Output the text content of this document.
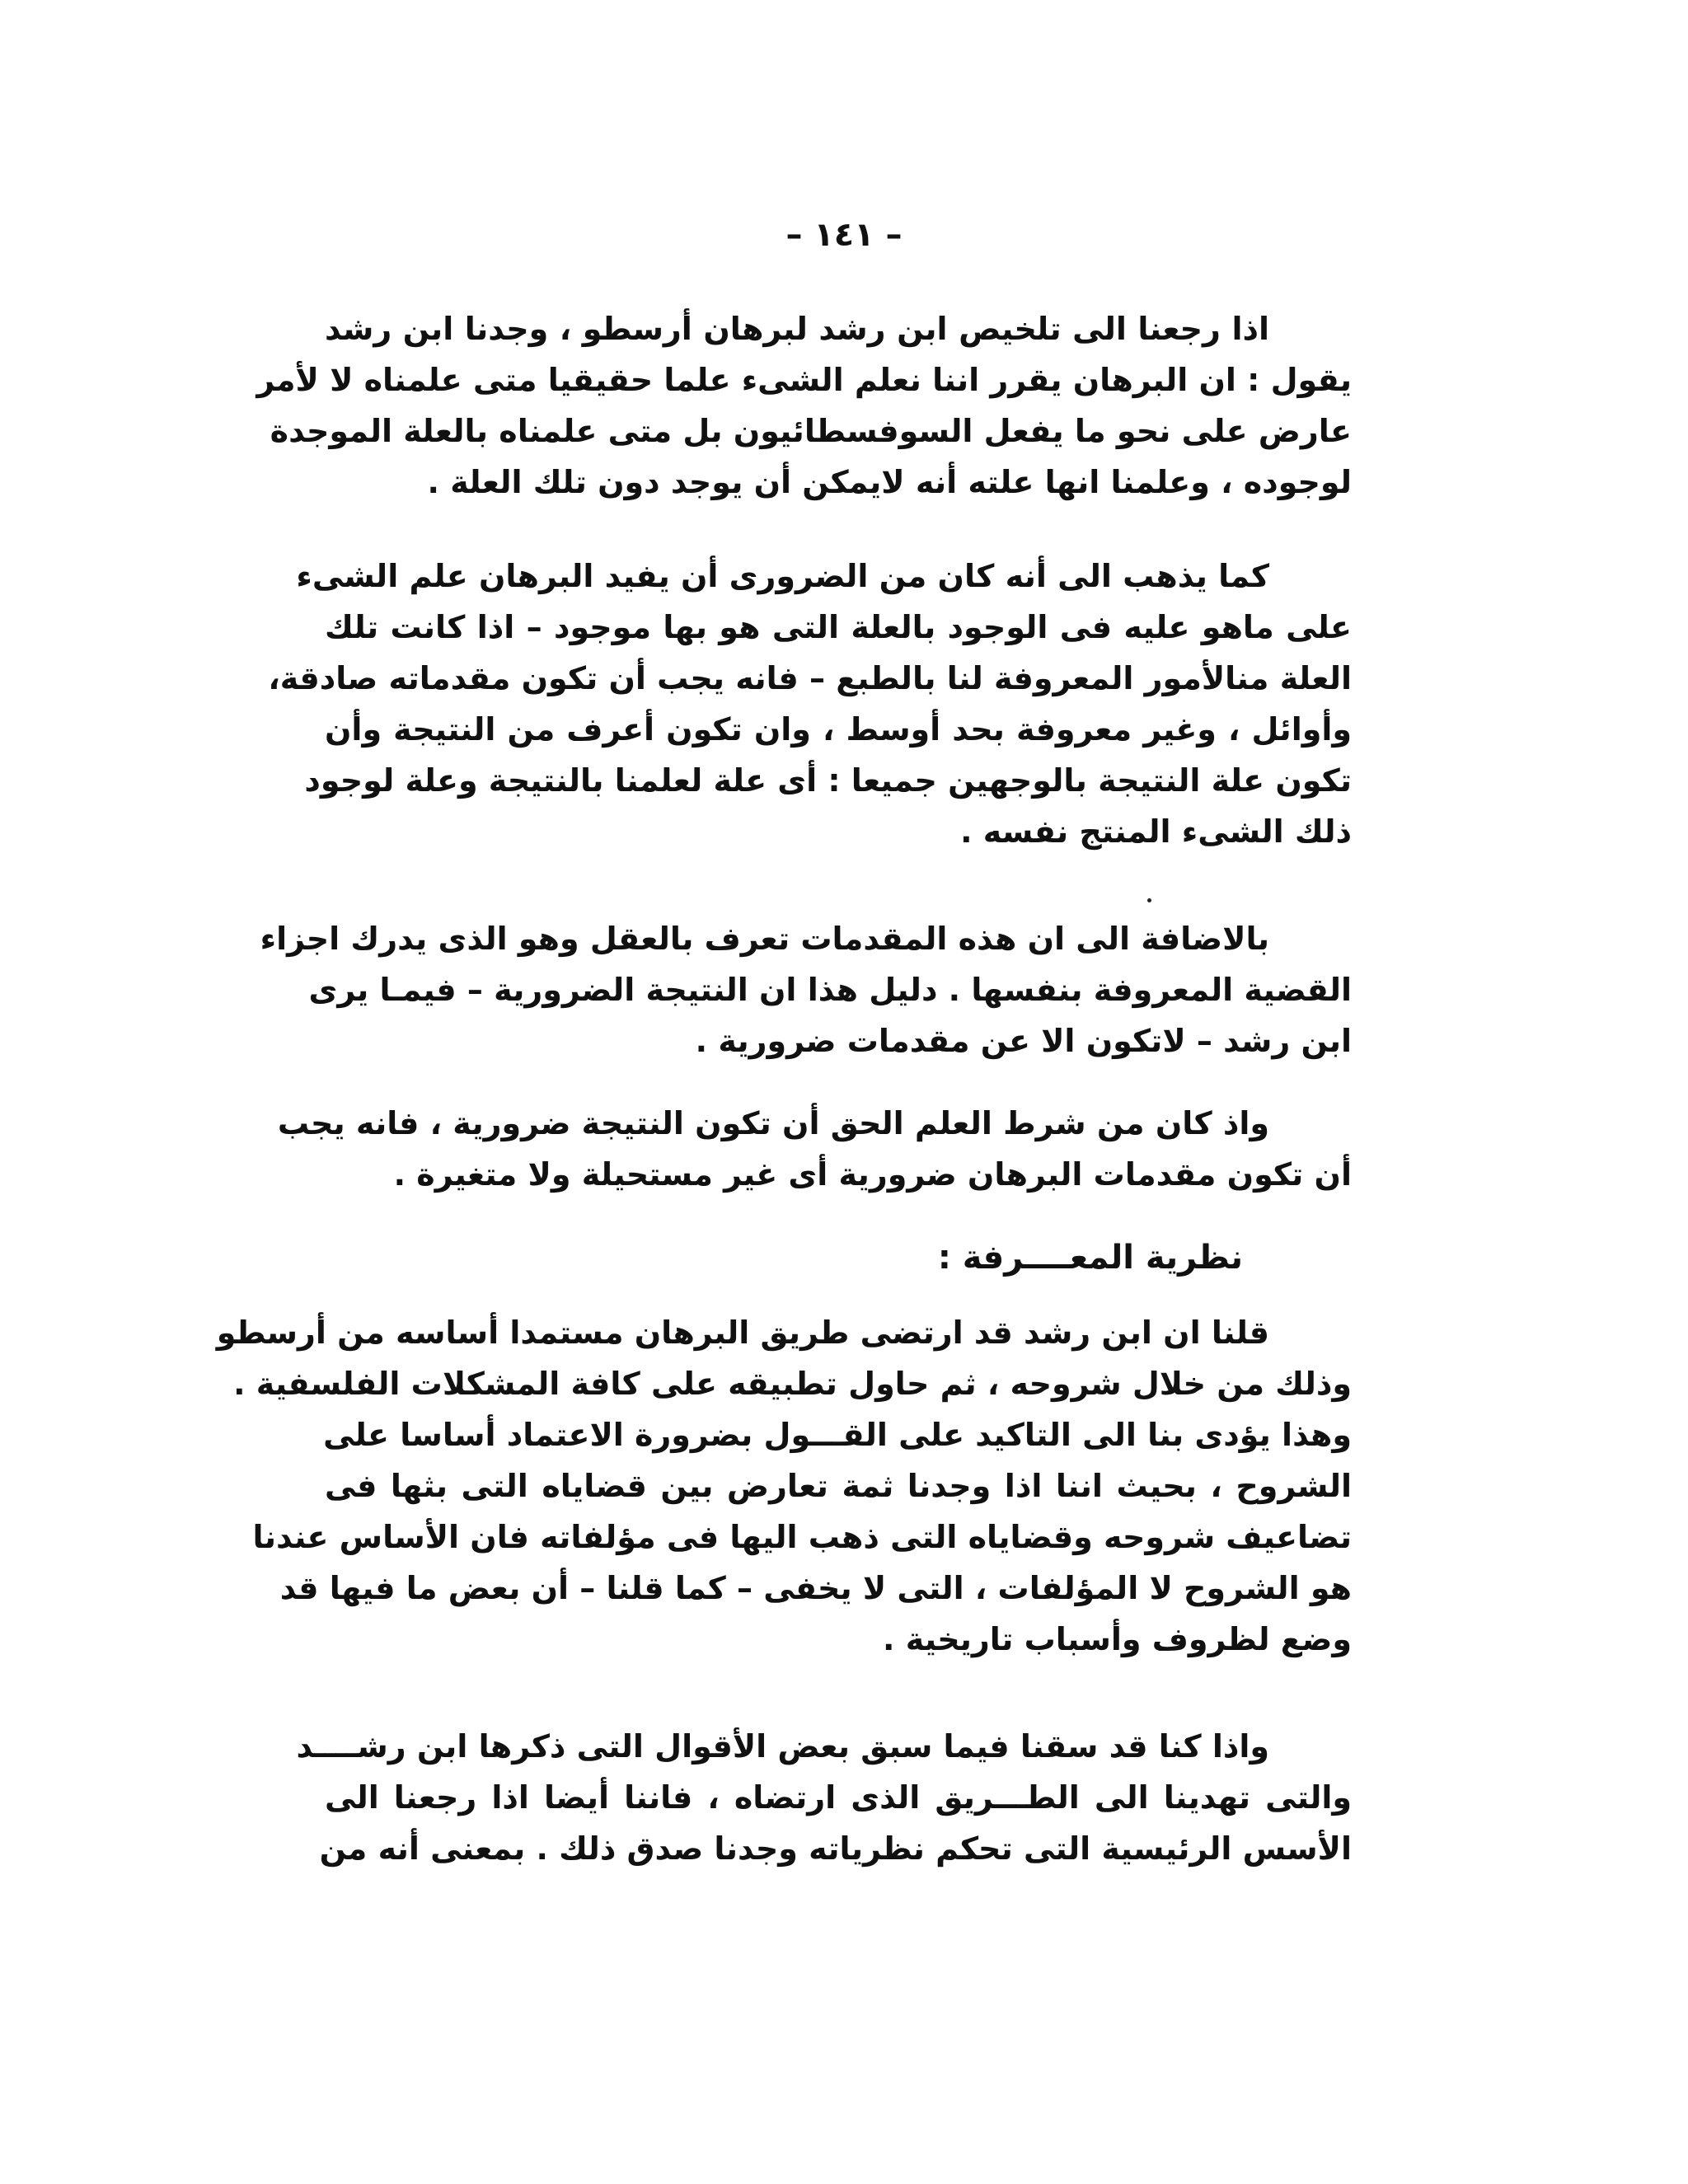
– ١٤١ –
اذا رجعنا الى تلخيص ابن رشد لبرهان أرسطو ، وجدنا ابن رشد
يقول : ان البرهان يقرر اننا نعلم الشىء علما حقيقيا متى علمناه لا لأمر
عارض على نحو ما يفعل السوفسطائيون بل متى علمناه بالعلة الموجدة
لوجوده ، وعلمنا انها علته أنه لايمكن أن يوجد دون تلك العلة .
كما يذهب الى أنه كان من الضرورى أن يفيد البرهان علم الشىء
على ماهو عليه فى الوجود بالعلة التى هو بها موجود – اذا كانت تلك
العلة منالأمور المعروفة لنا بالطبع – فانه يجب أن تكون مقدماته صادقة،
وأوائل ، وغير معروفة بحد أوسط ، وان تكون أعرف من النتيجة وأن
تكون علة النتيجة بالوجهين جميعا : أى علة لعلمنا بالنتيجة وعلة لوجود
ذلك الشىء المنتج نفسه .
بالاضافة الى ان هذه المقدمات تعرف بالعقل وهو الذى يدرك اجزاء
القضية المعروفة بنفسها . دليل هذا ان النتيجة الضرورية – فيمـا يرى
ابن رشد – لاتكون الا عن مقدمات ضرورية .
واذ كان من شرط العلم الحق أن تكون النتيجة ضرورية ، فانه يجب
أن تكون مقدمات البرهان ضرورية أى غير مستحيلة ولا متغيرة .
نظرية المعــــرفة :
قلنا ان ابن رشد قد ارتضى طريق البرهان مستمدا أساسه من أرسطو
وذلك من خلال شروحه ، ثم حاول تطبيقه على كافة المشكلات الفلسفية .
وهذا يؤدى بنا الى التاكيد على القـــول بضرورة الاعتماد أساسا على
الشروح ، بحيث اننا اذا وجدنا ثمة تعارض بين قضاياه التى بثها فى
تضاعيف شروحه وقضاياه التى ذهب اليها فى مؤلفاته فان الأساس عندنا
هو الشروح لا المؤلفات ، التى لا يخفى – كما قلنا – أن بعض ما فيها قد
وضع لظروف وأسباب تاريخية .
واذا كنا قد سقنا فيما سبق بعض الأقوال التى ذكرها ابن رشــــد
والتى تهدينا الى الطـــريق الذى ارتضاه ، فاننا أيضا اذا رجعنا الى
الأسس الرئيسية التى تحكم نظرياته وجدنا صدق ذلك . بمعنى أنه من
